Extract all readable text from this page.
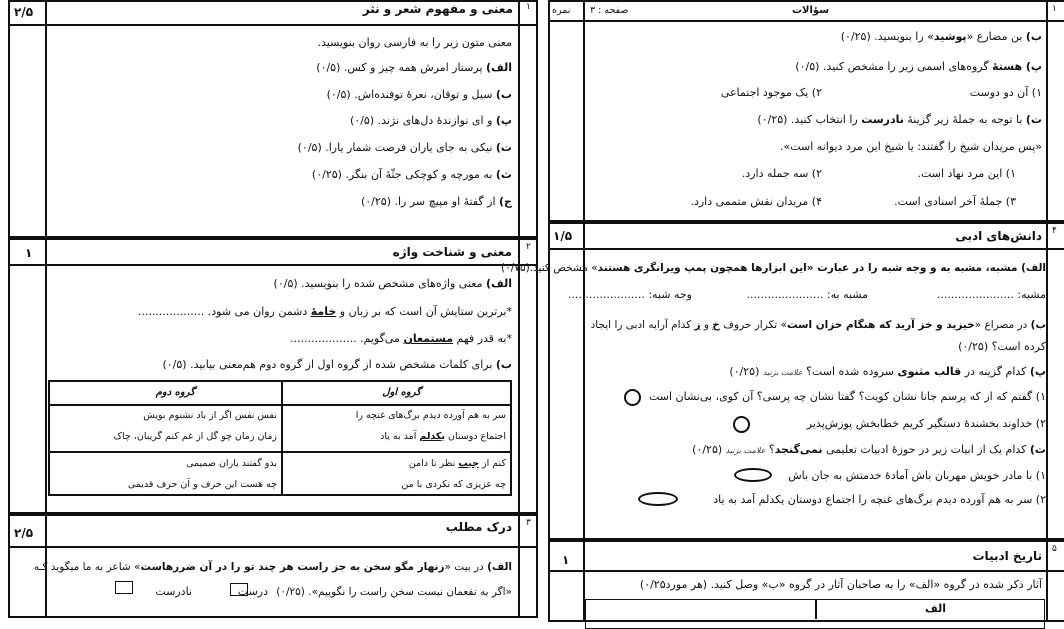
معنی و مفهوم شعر و نثر ۱
۲/۵
معنی متون زیر را به فارسی روان بنویسید.
الف) پرستار امرش همه چیز و کس. (۰/۵)
ب) سیل و توفان، نعرهٔ توفنده‌اش. (۰/۵)
پ) و ای نوازندهٔ دل‌های نژند. (۰/۵)
ت) نیکی به جای یاران فرصت شمار یارا. (۰/۵)
ث) به مورچه و کوچکی جثّهٔ آن بنگر. (۰/۲۵)
ج) از گفتهٔ او مپیچ سر را. (۰/۲۵)
معنی و شناخت واژه ۲
۱
الف) معنی واژه‌های مشخص شده را بنویسید. (۰/۵)
*برترین ستایش آن است که بر زبان و خامهٔ دشمن روان می شود. ...................
*به قدر فهم مستمعان می‌گویم. ...................
ب) برای کلمات مشخص شده از گروه اول از گروه دوم هم‌معنی بیابید. (۰/۵)
گروه اول
گروه دوم
سر به هم آورده دیدم برگ‌های غنچه را
اجتماع دوستان یکدلم آمد به یاد
نفس نفس اگر از باد نشنوم بویش
زمان زمان چو گل از غم کنم گریبان، چاک
کنم از جیب نظر تا دامن
چه عزیزی که نکردی با من
بدو گفتند یاران صمیمی
چه هست این حرف و آن حرف قدیمی
درک مطلب ۳
۲/۵
الف) در بیت «زنهار مگو سخن به جز راست هر چند تو را در آن ضررهاست» شاعر به ما میگوید کـه
«اگر به نفعمان نیست سخن راست را نگوییم». (۰/۲۵)
درست
نادرست
۱
نمره صفحه : ۳	سؤالات
ب) بن مضارع «پوشید» را بنویسید. (۰/۲۵)
پ) هستهٔ گروه‌های اسمی زیر را مشخص کنید. (۰/۵)
۱) آن دو دوست
۲) یک موجود اجتماعی
ت) با توجه به جملهٔ زیر گزینهٔ نادرست را انتخاب کنید. (۰/۲۵)
«پس مریدان شیخ را گفتند: یا شیخ این مرد دیوانه است».
۱) این مرد نهاد است.
۲) سه جمله دارد.
۳) جملهٔ آخر اسنادی است.
۴) مریدان نقش متممی دارد.
دانش‌های ادبی ۴
۱/۵
الف) مشبه، مشبه به و وجه شبه را در عبارت «این ابزارها همچون پمپ ویرانگری هستند» مشخص کنید.(۰/۷۵)
مشبه: ......................
مشبه به: ......................
وجه شبه: ......................
ب) در مصراع «خیزید و خز آرید که هنگام خزان است» تکرار حروف خ و ز کدام آرایه ادبی را ایجاد
کرده است؟ (۰/۲۵)
پ) کدام گزینه در قالب مثنوی سروده شده است؟ علامت بزنید (۰/۲۵)
۱) گفتم که از که پرسم جانا نشان کویت؟ گفتا نشان چه پرسی؟ آن کوی، بی‌نشان است
۲) خداوند بخشندهٔ دستگیر کریم خطابخش پوزش‌پذیر
ت) کدام یک از ابیات زیر در حوزهٔ ادبیات تعلیمی نمی‌گنجد؟ علامت بزنید (۰/۲۵)
۱) با مادر خویش مهربان باش آمادهٔ خدمتش به جان باش
۲) سر به هم آورده دیدم برگ‌های غنچه را اجتماع دوستان یکدلم آمد به یاد
تاریخ ادبیات ۵
۱
آثار ذکر شده در گروه «الف» را به صاحبان آثار در گروه «ب» وصل کنید. (هر مورد۰/۲۵)
الف
